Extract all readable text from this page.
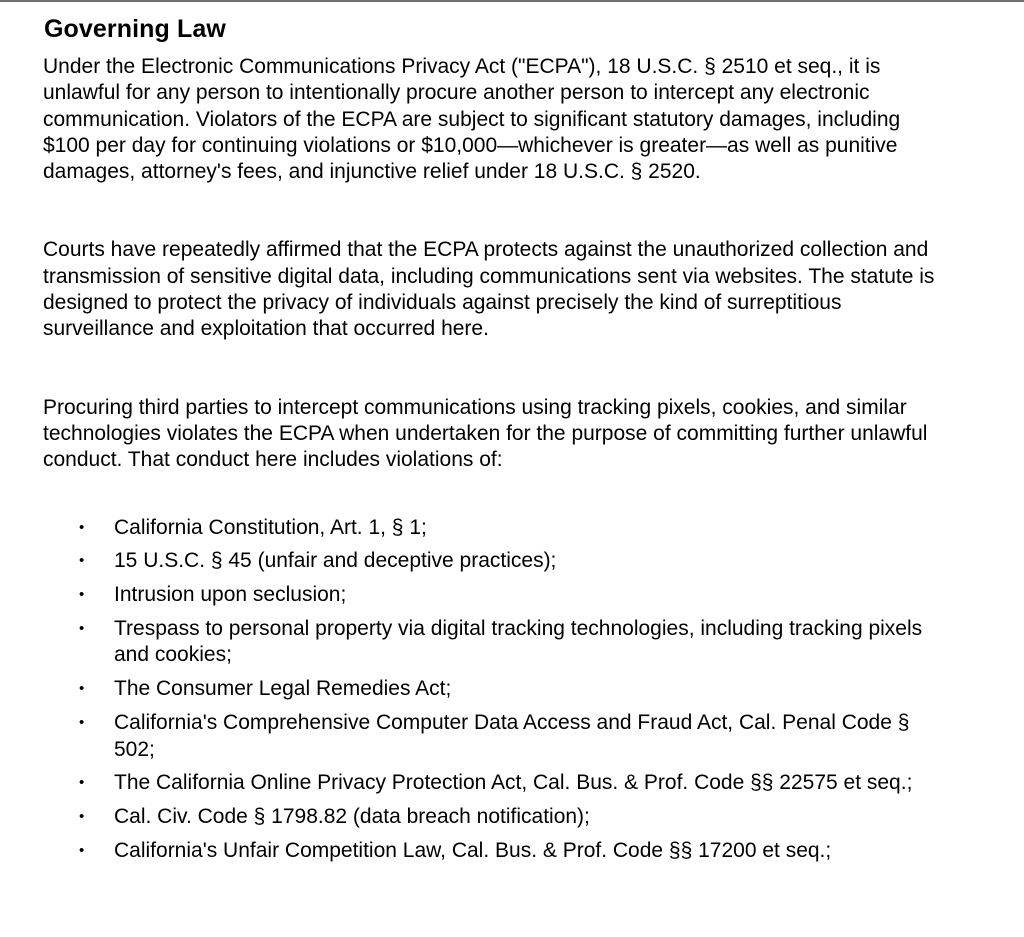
Governing Law

Under the Electronic Communications Privacy Act ("ECPA"), 18 U.S.C. § 2510 et seq., it is unlawful for any person to intentionally procure another person to intercept any electronic communication. Violators of the ECPA are subject to significant statutory damages, including $100 per day for continuing violations or $10,000—whichever is greater—as well as punitive damages, attorney's fees, and injunctive relief under 18 U.S.C. § 2520.

Courts have repeatedly affirmed that the ECPA protects against the unauthorized collection and transmission of sensitive digital data, including communications sent via websites. The statute is designed to protect the privacy of individuals against precisely the kind of surreptitious surveillance and exploitation that occurred here.

Procuring third parties to intercept communications using tracking pixels, cookies, and similar technologies violates the ECPA when undertaken for the purpose of committing further unlawful conduct. That conduct here includes violations of:

• California Constitution, Art. 1, § 1;
• 15 U.S.C. § 45 (unfair and deceptive practices);
• Intrusion upon seclusion;
• Trespass to personal property via digital tracking technologies, including tracking pixels and cookies;
• The Consumer Legal Remedies Act;
• California's Comprehensive Computer Data Access and Fraud Act, Cal. Penal Code § 502;
• The California Online Privacy Protection Act, Cal. Bus. & Prof. Code §§ 22575 et seq.;
• Cal. Civ. Code § 1798.82 (data breach notification);
• California's Unfair Competition Law, Cal. Bus. & Prof. Code §§ 17200 et seq.;
